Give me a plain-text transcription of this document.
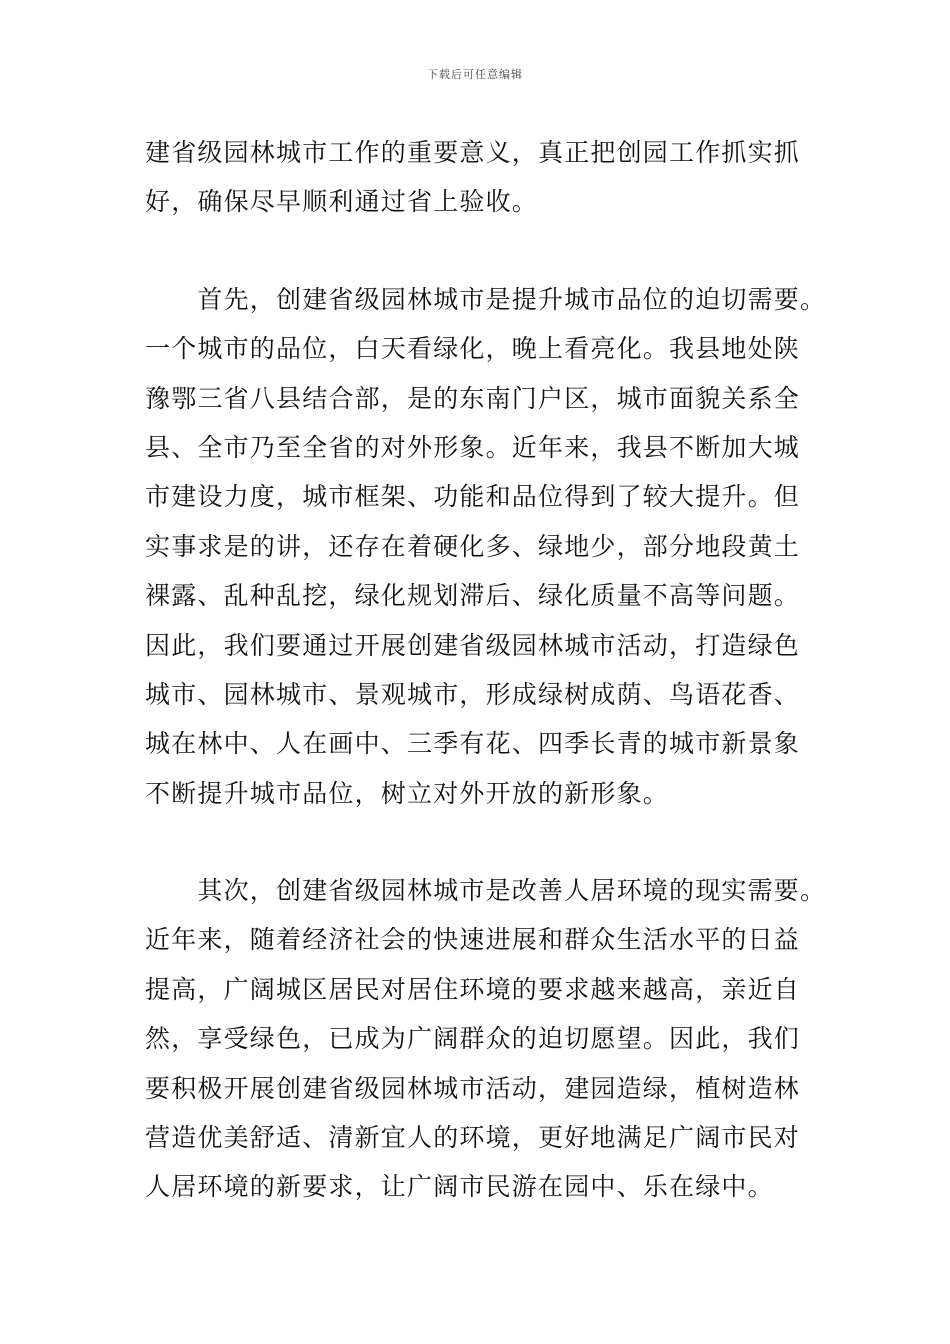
下载后可任意编辑
建省级园林城市工作的重要意义，真正把创园工作抓实抓
好，确保尽早顺利通过省上验收。
　　首先，创建省级园林城市是提升城市品位的迫切需要。
一个城市的品位，白天看绿化，晚上看亮化。我县地处陕
豫鄂三省八县结合部，是的东南门户区，城市面貌关系全
县、全市乃至全省的对外形象。近年来，我县不断加大城
市建设力度，城市框架、功能和品位得到了较大提升。但
实事求是的讲，还存在着硬化多、绿地少，部分地段黄土
裸露、乱种乱挖，绿化规划滞后、绿化质量不高等问题。
因此，我们要通过开展创建省级园林城市活动，打造绿色
城市、园林城市、景观城市，形成绿树成荫、鸟语花香、
城在林中、人在画中、三季有花、四季长青的城市新景象
不断提升城市品位，树立对外开放的新形象。
　　其次，创建省级园林城市是改善人居环境的现实需要。
近年来，随着经济社会的快速进展和群众生活水平的日益
提高，广阔城区居民对居住环境的要求越来越高，亲近自
然，享受绿色，已成为广阔群众的迫切愿望。因此，我们
要积极开展创建省级园林城市活动，建园造绿，植树造林
营造优美舒适、清新宜人的环境，更好地满足广阔市民对
人居环境的新要求，让广阔市民游在园中、乐在绿中。
